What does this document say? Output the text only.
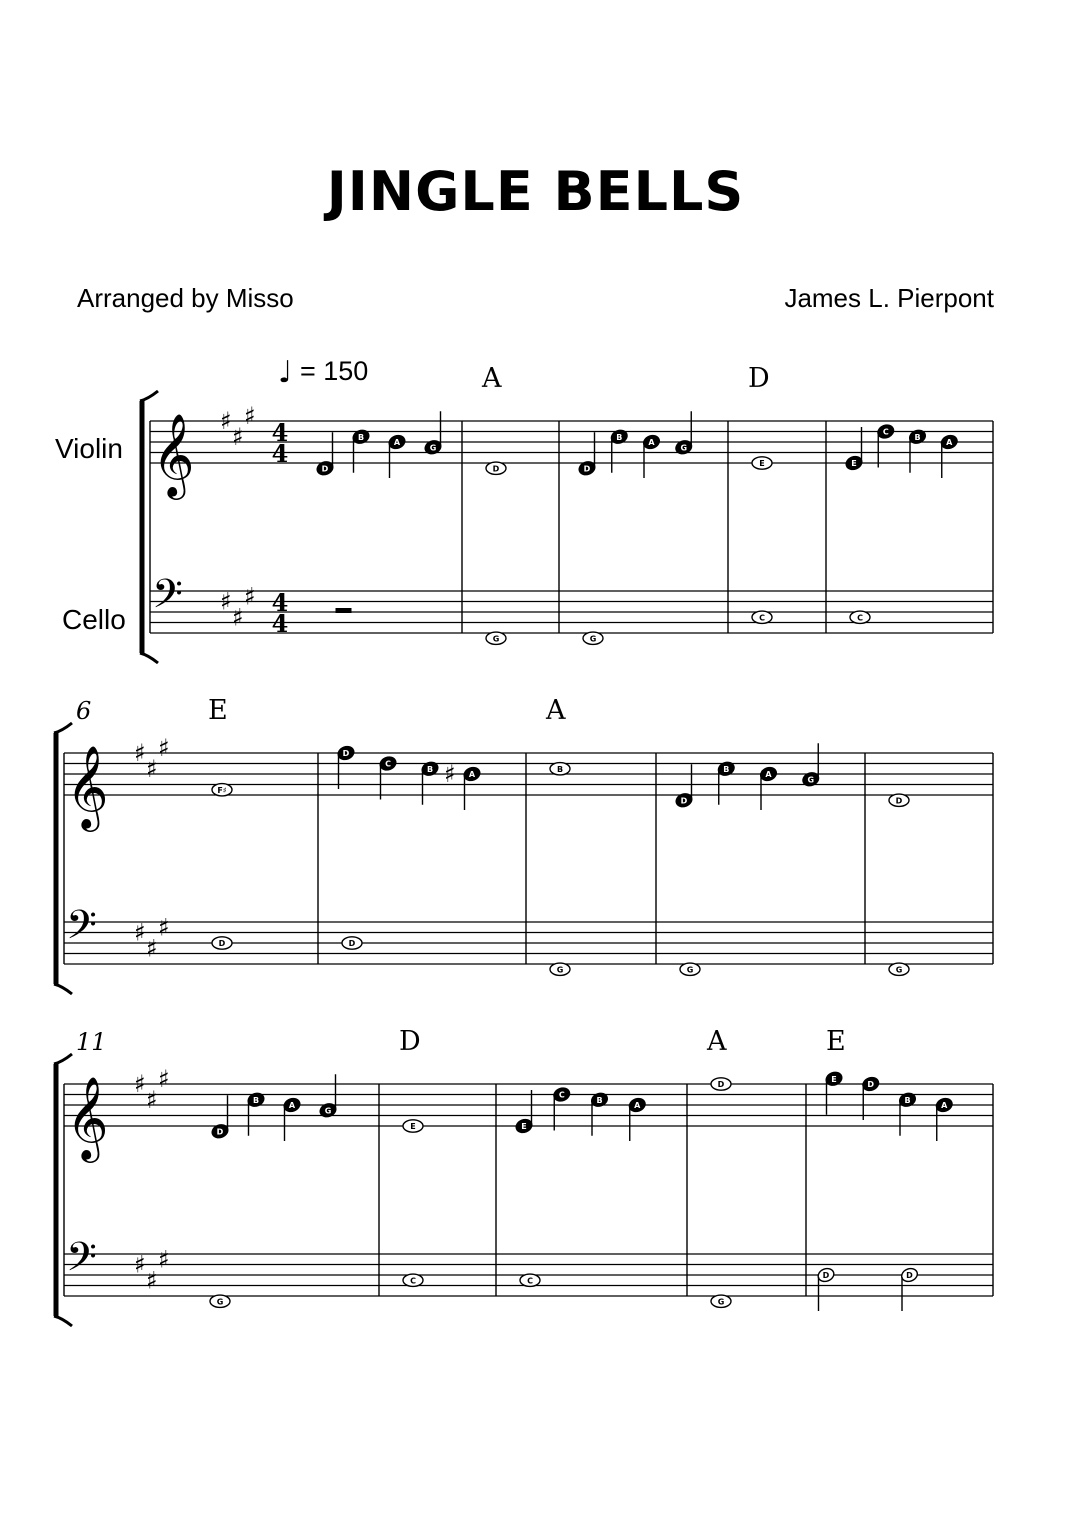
JINGLE BELLS
Arranged by Misso	James L. Pierpont
𝄞
𝄢
♯
♯
♯
♯
♯
♯
4
4
4
4
Violin
Cello
♩ = 150
D
B
A
G
D
G
D
B
A
G
G
E
C
E
C
B
A
C
A	D
𝄞
𝄢
♯
♯
♯
♯
♯
♯
6
F♯
D
D
C
B ♯ A
D
B
G
D
B
A
G
G
D
G
E	A
𝄞
𝄢
♯
♯
♯
♯
♯
♯
11
D
B
A
G
G
E
C
E
C
B
A
C
D
G
E
D
B
A
D	D
D	A	E
